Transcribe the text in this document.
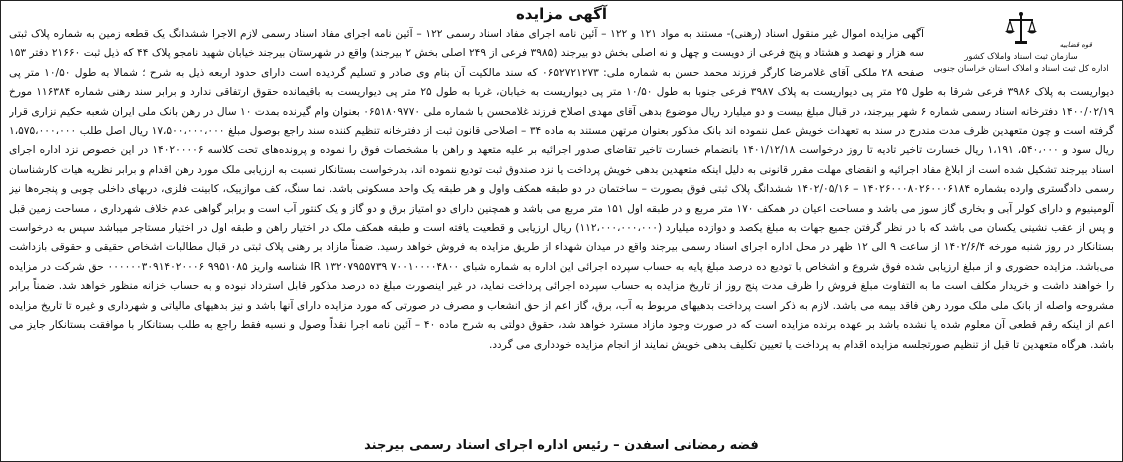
آگهی مزایده
قوه قضاییه
سازمان ثبت اسناد واملاک کشور
اداره کل ثبت اسناد و املاک استان خراسان جنوبی
آگهی مزایده اموال غیر منقول اسناد (رهنی)- مستند به مواد ۱۲۱ و ۱۲۲ – آئین نامه اجرای مفاد اسناد رسمی ۱۲۲ – آئین نامه اجرای مفاد اسناد رسمی لازم الاجرا ششدانگ یک قطعه زمین به شماره پلاک ثبتی سه هزار و نهصد و هشتاد و پنج فرعی از دویست و چهل و نه اصلی بخش دو بیرجند (۳۹۸۵ فرعی از ۲۴۹ اصلی بخش ۲ بیرجند) واقع در شهرستان بیرجند خیابان شهید نامجو پلاک ۴۴ که ذیل ثبت ۲۱۶۶۰ دفتر ۱۵۳ صفحه ۲۸ ملکی آقای غلامرضا کارگر فرزند محمد حسن به شماره ملی: ۰۶۵۲۷۲۱۲۷۳ که سند مالکیت آن بنام وی صادر و تسلیم گردیده است دارای حدود اربعه ذیل به شرح ؛ شمالا به طول ۱۰/۵۰ متر پی دیواریست به پلاک ۳۹۸۶ فرعی شرقا به طول ۲۵ متر پی دیواریست به پلاک ۳۹۸۷ فرعی جنوبا به طول ۱۰/۵۰ متر پی دیواریست به خیابان، غربا به طول ۲۵ متر پی دیواریست به باقیمانده حقوق ارتفاقی ندارد و برابر سند رهنی شماره ۱۱۶۳۸۴ مورخ ۱۴۰۰/۰۲/۱۹ دفترخانه اسناد رسمی شماره ۶ شهر بیرجند، در قبال مبلغ بیست و دو میلیارد ریال موضوع بدهی آقای مهدی اصلاح فرزند غلامحسن با شماره ملی ۰۶۵۱۸۰۹۷۷۰ بعنوان وام گیرنده بمدت ۱۰ سال در رهن بانک ملی ایران شعبه حکیم نزاری قرار گرفته است و چون متعهدین ظرف مدت مندرج در سند به تعهدات خویش عمل ننموده اند بانک مذکور بعنوان مرتهن مستند به ماده ۳۴ – اصلاحی قانون ثبت از دفترخانه تنظیم کننده سند راجع بوصول مبلغ ۱۷،۵۰۰،۰۰۰،۰۰۰ ریال اصل طلب ۱،۵۷۵،۰۰۰،۰۰۰ ریال سود و ۵۴۰،۰۰۰، ۱،۱۹۱ ریال خسارت تاخیر تادیه تا روز درخواست ۱۴۰۱/۱۲/۱۸ بانضمام خسارت تاخیر تقاضای صدور اجرائیه بر علیه متعهد و راهن با مشخصات فوق را نموده و پرونده‌های تحت کلاسه ۱۴۰۲۰۰۰۰۶ در این خصوص نزد اداره اجرای اسناد بیرجند تشکیل شده است از ابلاغ مفاد اجرائیه و انقضای مهلت مقرر قانونی به دلیل اینکه متعهدین بدهی خویش پرداخت یا نزد صندوق ثبت تودیع ننموده اند، بدرخواست بستانکار نسبت به ارزیابی ملک مورد رهن اقدام و برابر نظریه هیات کارشناسان رسمی دادگستری وارده بشماره ۱۴۰۲۶۰۰۰۸۰۲۶۰۰۰۶۱۸۴ – ۱۴۰۲/۰۵/۱۶ ششدانگ پلاک ثبتی فوق بصورت – ساختمان در دو طبقه همکف واول و هر طبقه یک واحد مسکونی باشد. نما سنگ، کف موازییک، کابینت فلزی، دربهای داخلی چوبی و پنجره‌ها نیز آلومینیوم و دارای کولر آبی و بخاری گاز سوز می باشد و مساحت اعیان در همکف ۱۷۰ متر مربع و در طبقه اول ۱۵۱ متر مربع می باشد و همچنین دارای دو امتیاز برق و دو گاز و یک کنتور آب است و برابر گواهی عدم خلاف شهرداری ، مساحت زمین قبل و پس از عقب نشینی یکسان می باشد که با در نظر گرفتن جمیع جهات به مبلغ یکصد و دوازده میلیارد (۱۱۲،۰۰۰،۰۰۰،۰۰۰) ریال ارزیابی و قطعیت یافته است و طبقه همکف ملک در اختیار راهن و طبقه اول در اختیار مستاجر میباشد سپس به درخواست بستانکار در روز شنبه مورخه ۱۴۰۲/۶/۴ از ساعت ۹ الی ۱۲ ظهر در محل اداره اجرای اسناد رسمی بیرجند واقع در میدان شهداء از طریق مزایده به فروش خواهد رسید. ضمناً مازاد بر رهنی پلاک ثبتی در قبال مطالبات اشخاص حقیقی و حقوقی بازداشت می‌باشد. مزایده حضوری و از مبلغ ارزیابی شده فوق شروع و اشخاص با تودیع ده درصد مبلغ پایه به حساب سپرده اجرائی این اداره به شماره شبای IR ۱۳۲۰۷۹۵۵۷۳۹ ۷۰۰۱۰۰۰۰۴۸۰۰ شناسه واریز ۹۹۵۱۰۸۵ ۰۰۰۰۰۰۳۰۹۱۴۰۲۰۰۰۶ حق شرکت در مزایده را خواهند داشت و خریدار مکلف است ما به التفاوت مبلغ فروش را ظرف مدت پنج روز از تاریخ مزایده به حساب سپرده اجرائی پرداخت نماید، در غیر اینصورت مبلغ ده درصد مذکور قابل استرداد نبوده و به حساب خزانه منظور خواهد شد. ضمناً برابر مشروحه واصله از بانک ملی ملک مورد رهن فاقد بیمه می باشد. لازم به ذکر است پرداخت بدهیهای مربوط به آب، برق، گاز اعم از حق انشعاب و مصرف در صورتی که مورد مزایده دارای آنها باشد و نیز بدهیهای مالیاتی و شهرداری و غیره تا تاریخ مزایده اعم از اینکه رقم قطعی آن معلوم شده یا نشده باشد بر عهده برنده مزایده است که در صورت وجود مازاد مسترد خواهد شد، حقوق دولتی به شرح ماده ۴۰ – آئین نامه اجرا نقداً وصول و نسبه فقط راجع به طلب بستانکار با موافقت بستانکار جایز می باشد. هرگاه متعهدین تا قبل از تنظیم صورتجلسه مزایده اقدام به پرداخت یا تعیین تکلیف بدهی خویش نمایند از انجام مزایده خودداری می گردد.
فضه رمضانی اسفدن – رئیس اداره اجرای اسناد رسمی بیرجند
